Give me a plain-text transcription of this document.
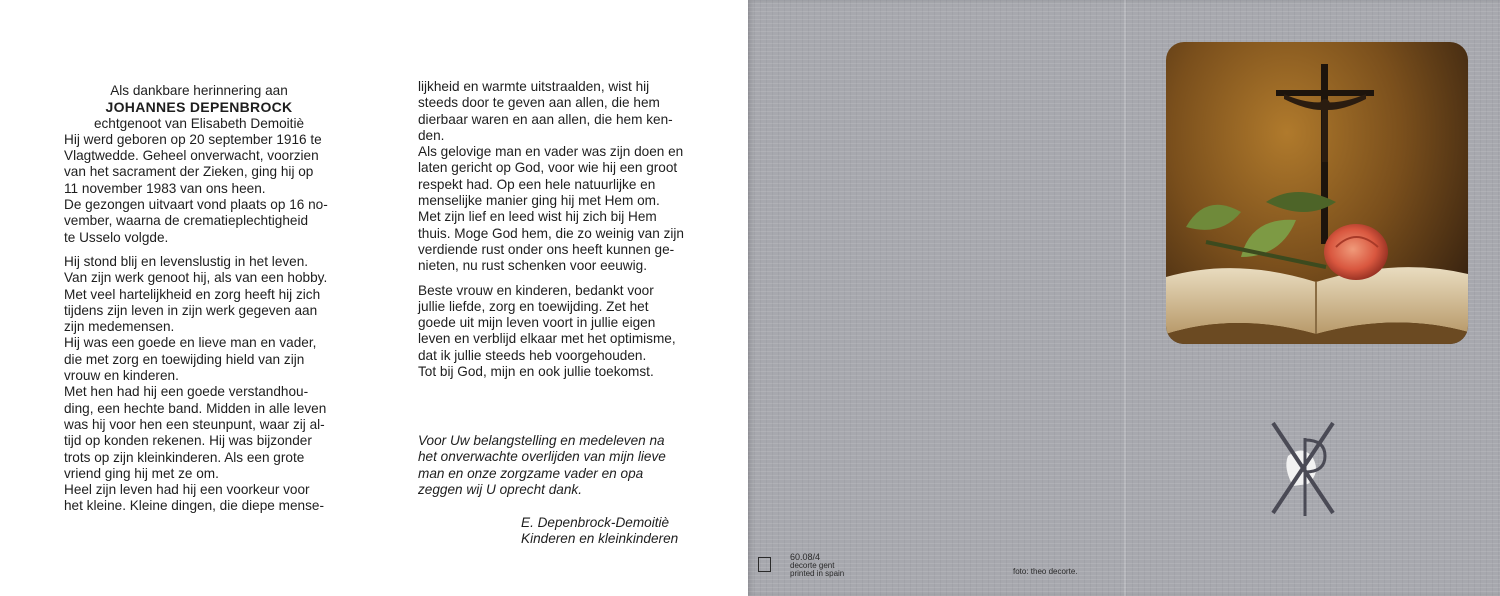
Als dankbare herinnering aan

JOHANNES DEPENBROCK

echtgenoot van Elisabeth Demoitiè

Hij werd geboren op 20 september 1916 te

Vlagtwedde. Geheel onverwacht, voorzien

van het sacrament der Zieken, ging hij op

11 november 1983 van ons heen.

De gezongen uitvaart vond plaats op 16 no-

vember, waarna de crematieplechtigheid

te Usselo volgde.

Hij stond blij en levenslustig in het leven.

Van zijn werk genoot hij, als van een hobby.

Met veel hartelijkheid en zorg heeft hij zich

tijdens zijn leven in zijn werk gegeven aan

zijn medemensen.

Hij was een goede en lieve man en vader,

die met zorg en toewijding hield van zijn

vrouw en kinderen.

Met hen had hij een goede verstandhou-

ding, een hechte band. Midden in alle leven

was hij voor hen een steunpunt, waar zij al-

tijd op konden rekenen. Hij was bijzonder

trots op zijn kleinkinderen. Als een grote

vriend ging hij met ze om.

Heel zijn leven had hij een voorkeur voor

het kleine. Kleine dingen, die diepe mense-

lijkheid en warmte uitstraalden, wist hij

steeds door te geven aan allen, die hem

dierbaar waren en aan allen, die hem ken-

den.

Als gelovige man en vader was zijn doen en

laten gericht op God, voor wie hij een groot

respekt had. Op een hele natuurlijke en

menselijke manier ging hij met Hem om.

Met zijn lief en leed wist hij zich bij Hem

thuis. Moge God hem, die zo weinig van zijn

verdiende rust onder ons heeft kunnen ge-

nieten, nu rust schenken voor eeuwig.

Beste vrouw en kinderen, bedankt voor

jullie liefde, zorg en toewijding. Zet het

goede uit mijn leven voort in jullie eigen

leven en verblijd elkaar met het optimisme,

dat ik jullie steeds heb voorgehouden.

Tot bij God, mijn en ook jullie toekomst.

Voor Uw belangstelling en medeleven na

het onverwachte overlijden van mijn lieve

man en onze zorgzame vader en opa

zeggen wij U oprecht dank.

E. Depenbrock-Demoitiè

Kinderen en kleinkinderen

60.08/4
decorte gent
printed in spain	foto: theo decorte.
